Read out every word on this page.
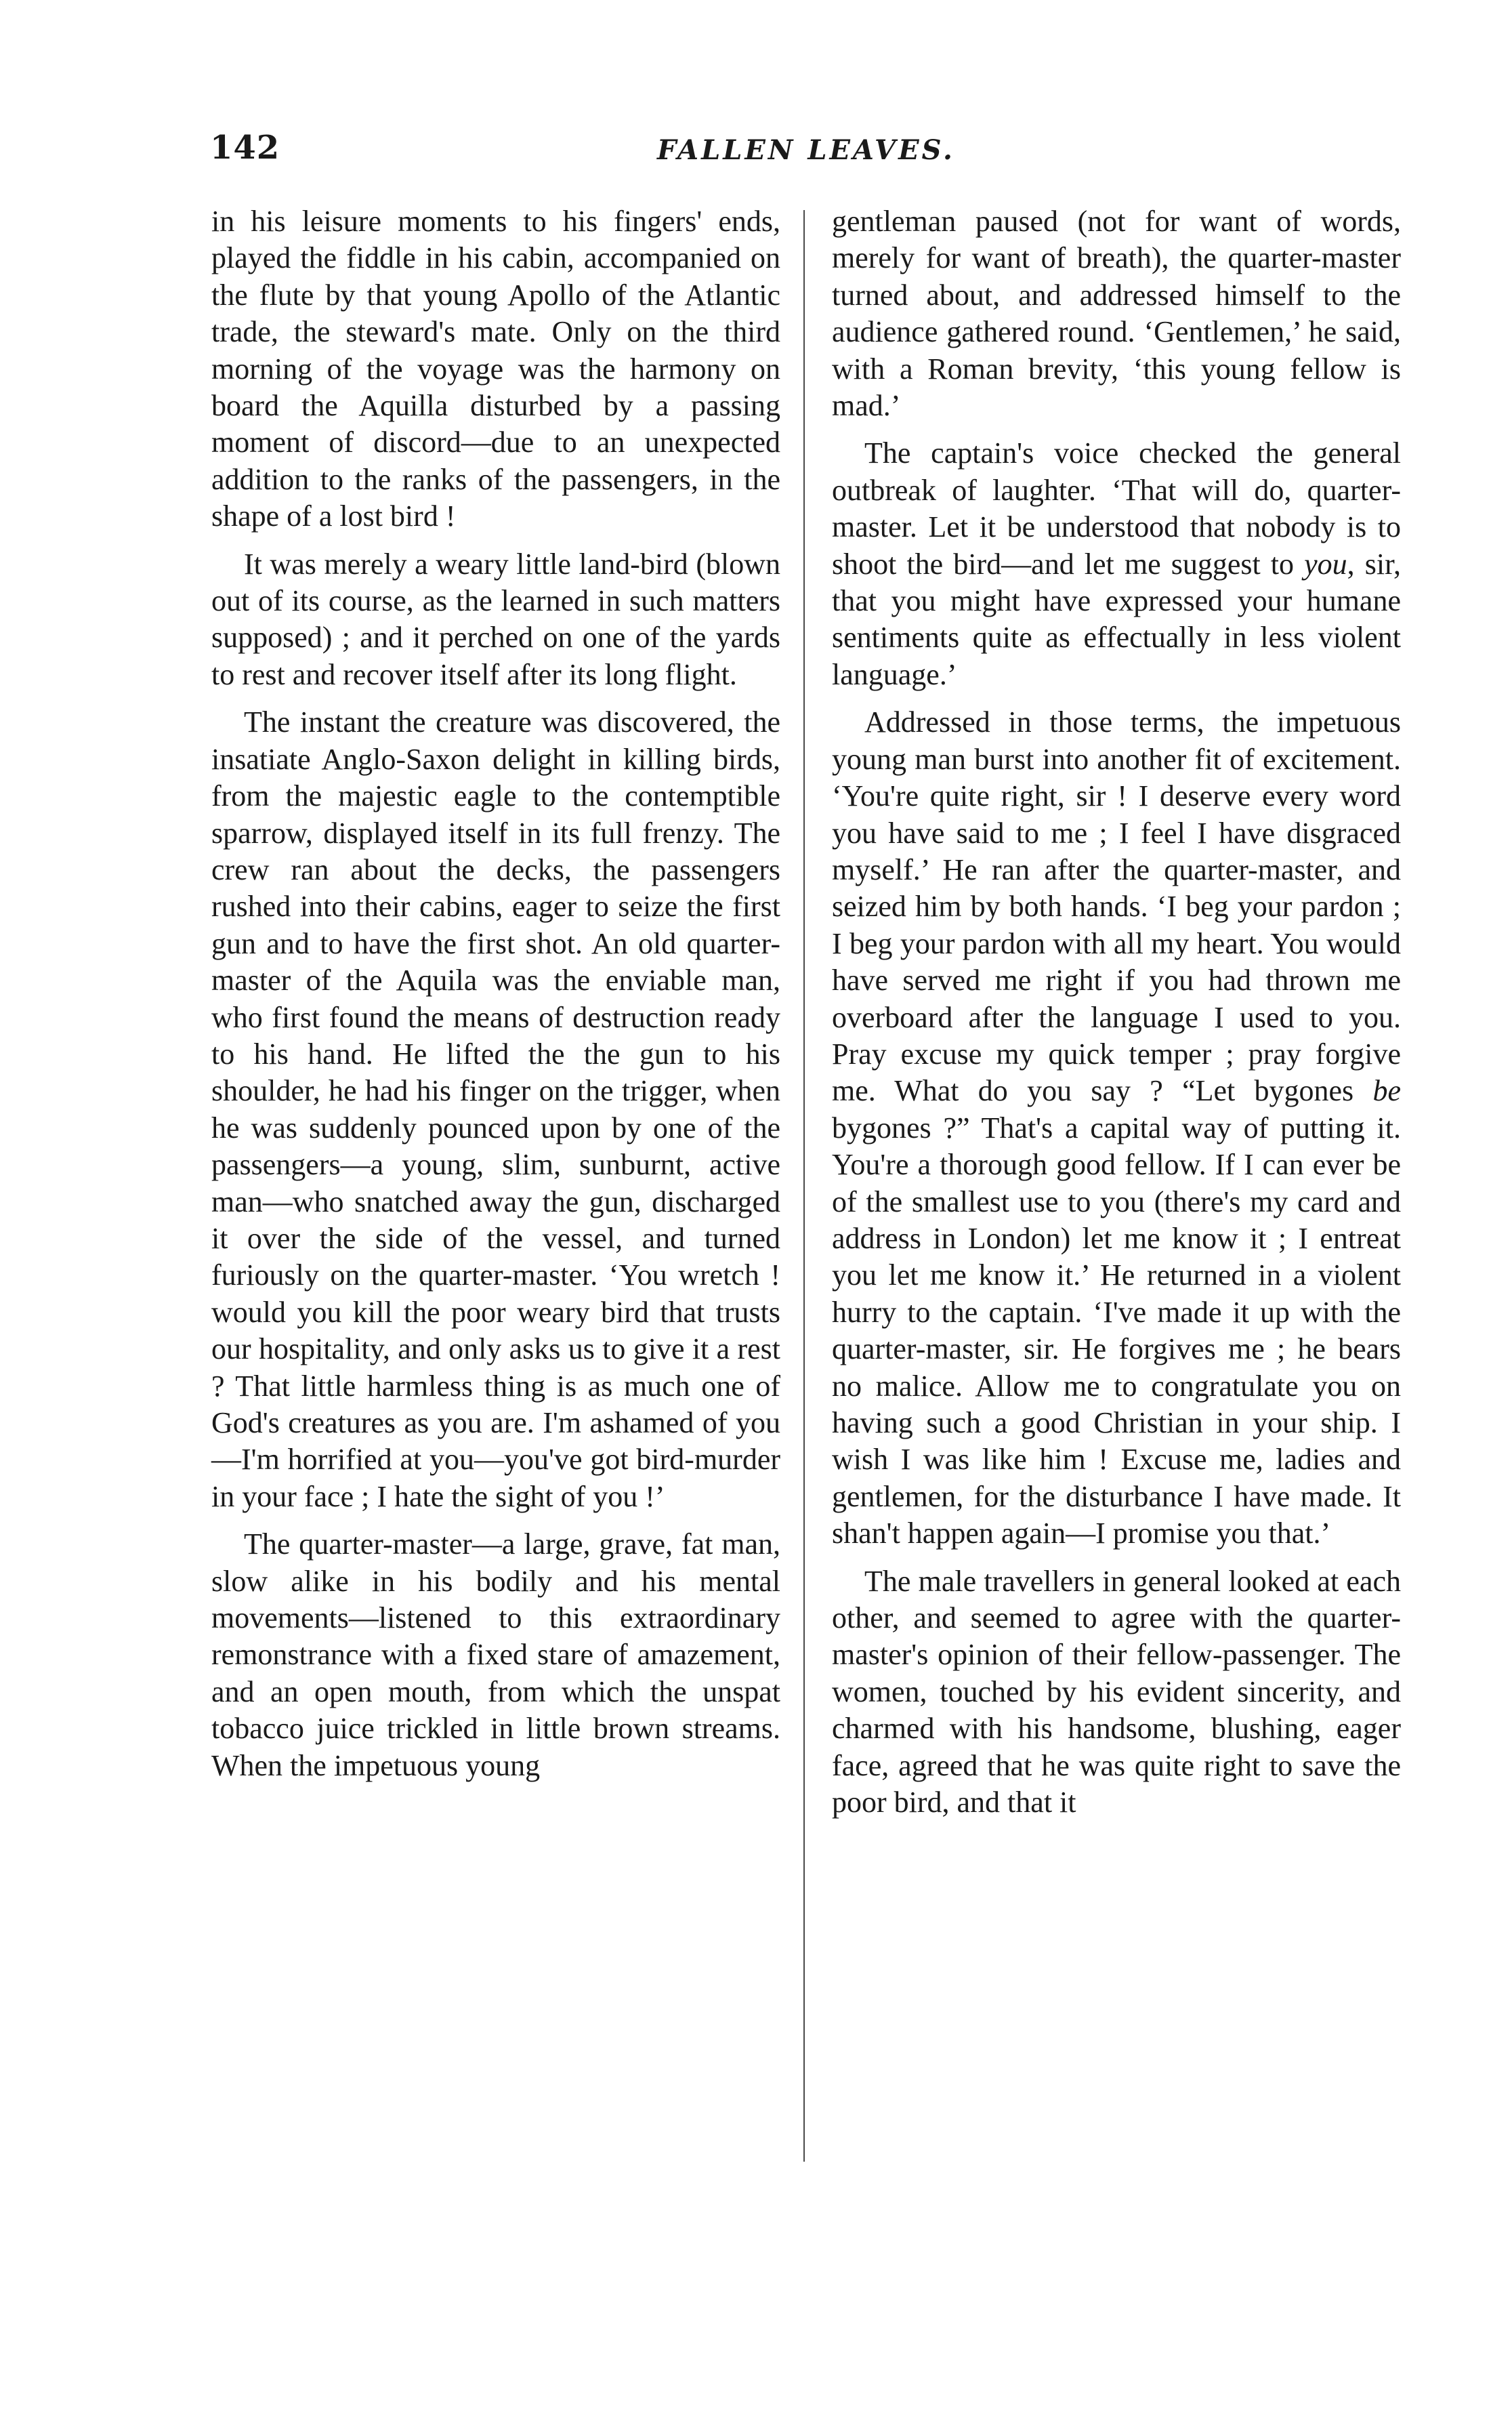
142	FALLEN LEAVES.

in his leisure moments to his fingers' ends, played the fiddle in his cabin, accompanied on the flute by that young Apollo of the Atlantic trade, the steward's mate. Only on the third morning of the voyage was the harmony on board the Aquilla disturbed by a passing moment of discord—due to an unexpected addition to the ranks of the passengers, in the shape of a lost bird !

It was merely a weary little land-bird (blown out of its course, as the learned in such matters supposed) ; and it perched on one of the yards to rest and recover itself after its long flight.

The instant the creature was discovered, the insatiate Anglo-Saxon delight in killing birds, from the majestic eagle to the contemptible sparrow, displayed itself in its full frenzy. The crew ran about the decks, the passengers rushed into their cabins, eager to seize the first gun and to have the first shot. An old quarter-master of the Aquila was the enviable man, who first found the means of destruction ready to his hand. He lifted the the gun to his shoulder, he had his finger on the trigger, when he was suddenly pounced upon by one of the passengers—a young, slim, sunburnt, active man—who snatched away the gun, discharged it over the side of the vessel, and turned furiously on the quarter-master. ‘You wretch ! would you kill the poor weary bird that trusts our hospitality, and only asks us to give it a rest ? That little harmless thing is as much one of God's creatures as you are. I'm ashamed of you—I'm horrified at you—you've got bird-murder in your face ; I hate the sight of you !’

The quarter-master—a large, grave, fat man, slow alike in his bodily and his mental movements—listened to this extraordinary remonstrance with a fixed stare of amazement, and an open mouth, from which the unspat tobacco juice trickled in little brown streams. When the impetuous young

gentleman paused (not for want of words, merely for want of breath), the quarter-master turned about, and addressed himself to the audience gathered round. ‘Gentlemen,’ he said, with a Roman brevity, ‘this young fellow is mad.’

The captain's voice checked the general outbreak of laughter. ‘That will do, quarter-master. Let it be understood that nobody is to shoot the bird—and let me suggest to you, sir, that you might have expressed your humane sentiments quite as effectually in less violent language.’

Addressed in those terms, the impetuous young man burst into another fit of excitement. ‘You're quite right, sir ! I deserve every word you have said to me ; I feel I have disgraced myself.’ He ran after the quarter-master, and seized him by both hands. ‘I beg your pardon ; I beg your pardon with all my heart. You would have served me right if you had thrown me overboard after the language I used to you. Pray excuse my quick temper ; pray forgive me. What do you say ? “Let bygones be bygones ?” That's a capital way of putting it. You're a thorough good fellow. If I can ever be of the smallest use to you (there's my card and address in London) let me know it ; I entreat you let me know it.’ He returned in a violent hurry to the captain. ‘I've made it up with the quarter-master, sir. He forgives me ; he bears no malice. Allow me to congratulate you on having such a good Christian in your ship. I wish I was like him ! Excuse me, ladies and gentlemen, for the disturbance I have made. It shan't happen again—I promise you that.’

The male travellers in general looked at each other, and seemed to agree with the quarter-master's opinion of their fellow-passenger. The women, touched by his evident sincerity, and charmed with his handsome, blushing, eager face, agreed that he was quite right to save the poor bird, and that it
